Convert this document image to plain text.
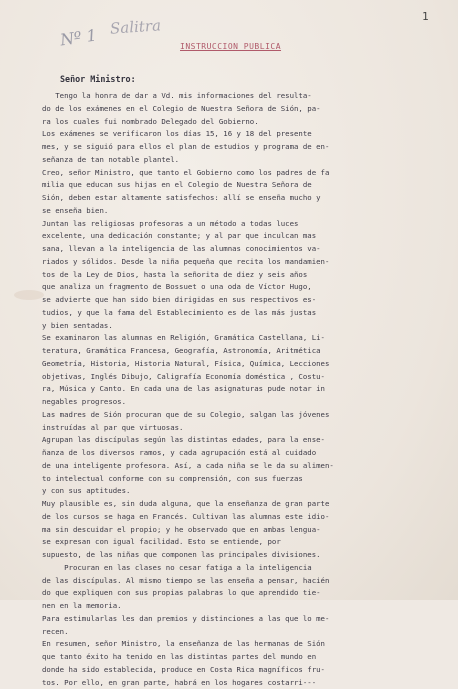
Nº 1 Salitra	1
INSTRUCCION PUBLICA
Señor Ministro:
Tengo la honra de dar a Vd. mis informaciones del resulta-
do de los exámenes en el Colegio de Nuestra Señora de Sión, pa-
ra los cuales fui nombrado Delegado del Gobierno.
Los exámenes se verificaron los días 15, 16 y 18 del presente
mes, y se siguió para ellos el plan de estudios y programa de en-
señanza de tan notable plantel.
Creo, señor Ministro, que tanto el Gobierno como los padres de fa
milia que educan sus hijas en el Colegio de Nuestra Señora de
Sión, deben estar altamente satisfechos: allí se enseña mucho y
se enseña bien.
Juntan las religiosas profesoras a un método a todas luces
excelente, una dedicación constante; y al par que inculcan mas
sana, llevan a la inteligencia de las alumnas conocimientos va-
riados y sólidos. Desde la niña pequeña que recita los mandamien-
tos de la Ley de Dios, hasta la señorita de diez y seis años
que analiza un fragmento de Bossuet o una oda de Víctor Hugo,
se advierte que han sido bien dirigidas en sus respectivos es-
tudios, y que la fama del Establecimiento es de las más justas
y bien sentadas.
Se examinaron las alumnas en Religión, Gramática Castellana, Li-
teratura, Gramática Francesa, Geografía, Astronomía, Aritmética
Geometría, Historia, Historia Natural, Física, Química, Lecciones
objetivas, Inglés Dibujo, Caligrafía Economía doméstica , Costu-
ra, Música y Canto. En cada una de las asignaturas pude notar in
negables progresos.
Las madres de Sión procuran que de su Colegio, salgan las jóvenes
instruídas al par que virtuosas.
Agrupan las discípulas según las distintas edades, para la ense-
ñanza de los diversos ramos, y cada agrupación está al cuidado
de una inteligente profesora. Así, a cada niña se le da su alimen-
to intelectual conforme con su comprensión, con sus fuerzas
y con sus aptitudes.
Muy plausible es, sin duda alguna, que la enseñanza de gran parte
de los cursos se haga en Francés. Cultivan las alumnas este idio-
ma sin descuidar el propio; y he observado que en ambas lengua-
se expresan con igual facilidad. Esto se entiende, por
supuesto, de las niñas que componen las principales divisiones.
Procuran en las clases no cesar fatiga a la inteligencia
de las discípulas. Al mismo tiempo se las enseña a pensar, hacién
do que expliquen con sus propias palabras lo que aprendido tie-
nen en la memoria.
Para estimularlas les dan premios y distinciones a las que lo me-
recen.
En resumen, señor Ministro, la enseñanza de las hermanas de Sión
que tanto éxito ha tenido en las distintas partes del mundo en
donde ha sido establecida, produce en Costa Rica magníficos fru-
tos. Por ello, en gran parte, habrá en los hogares costarri---
